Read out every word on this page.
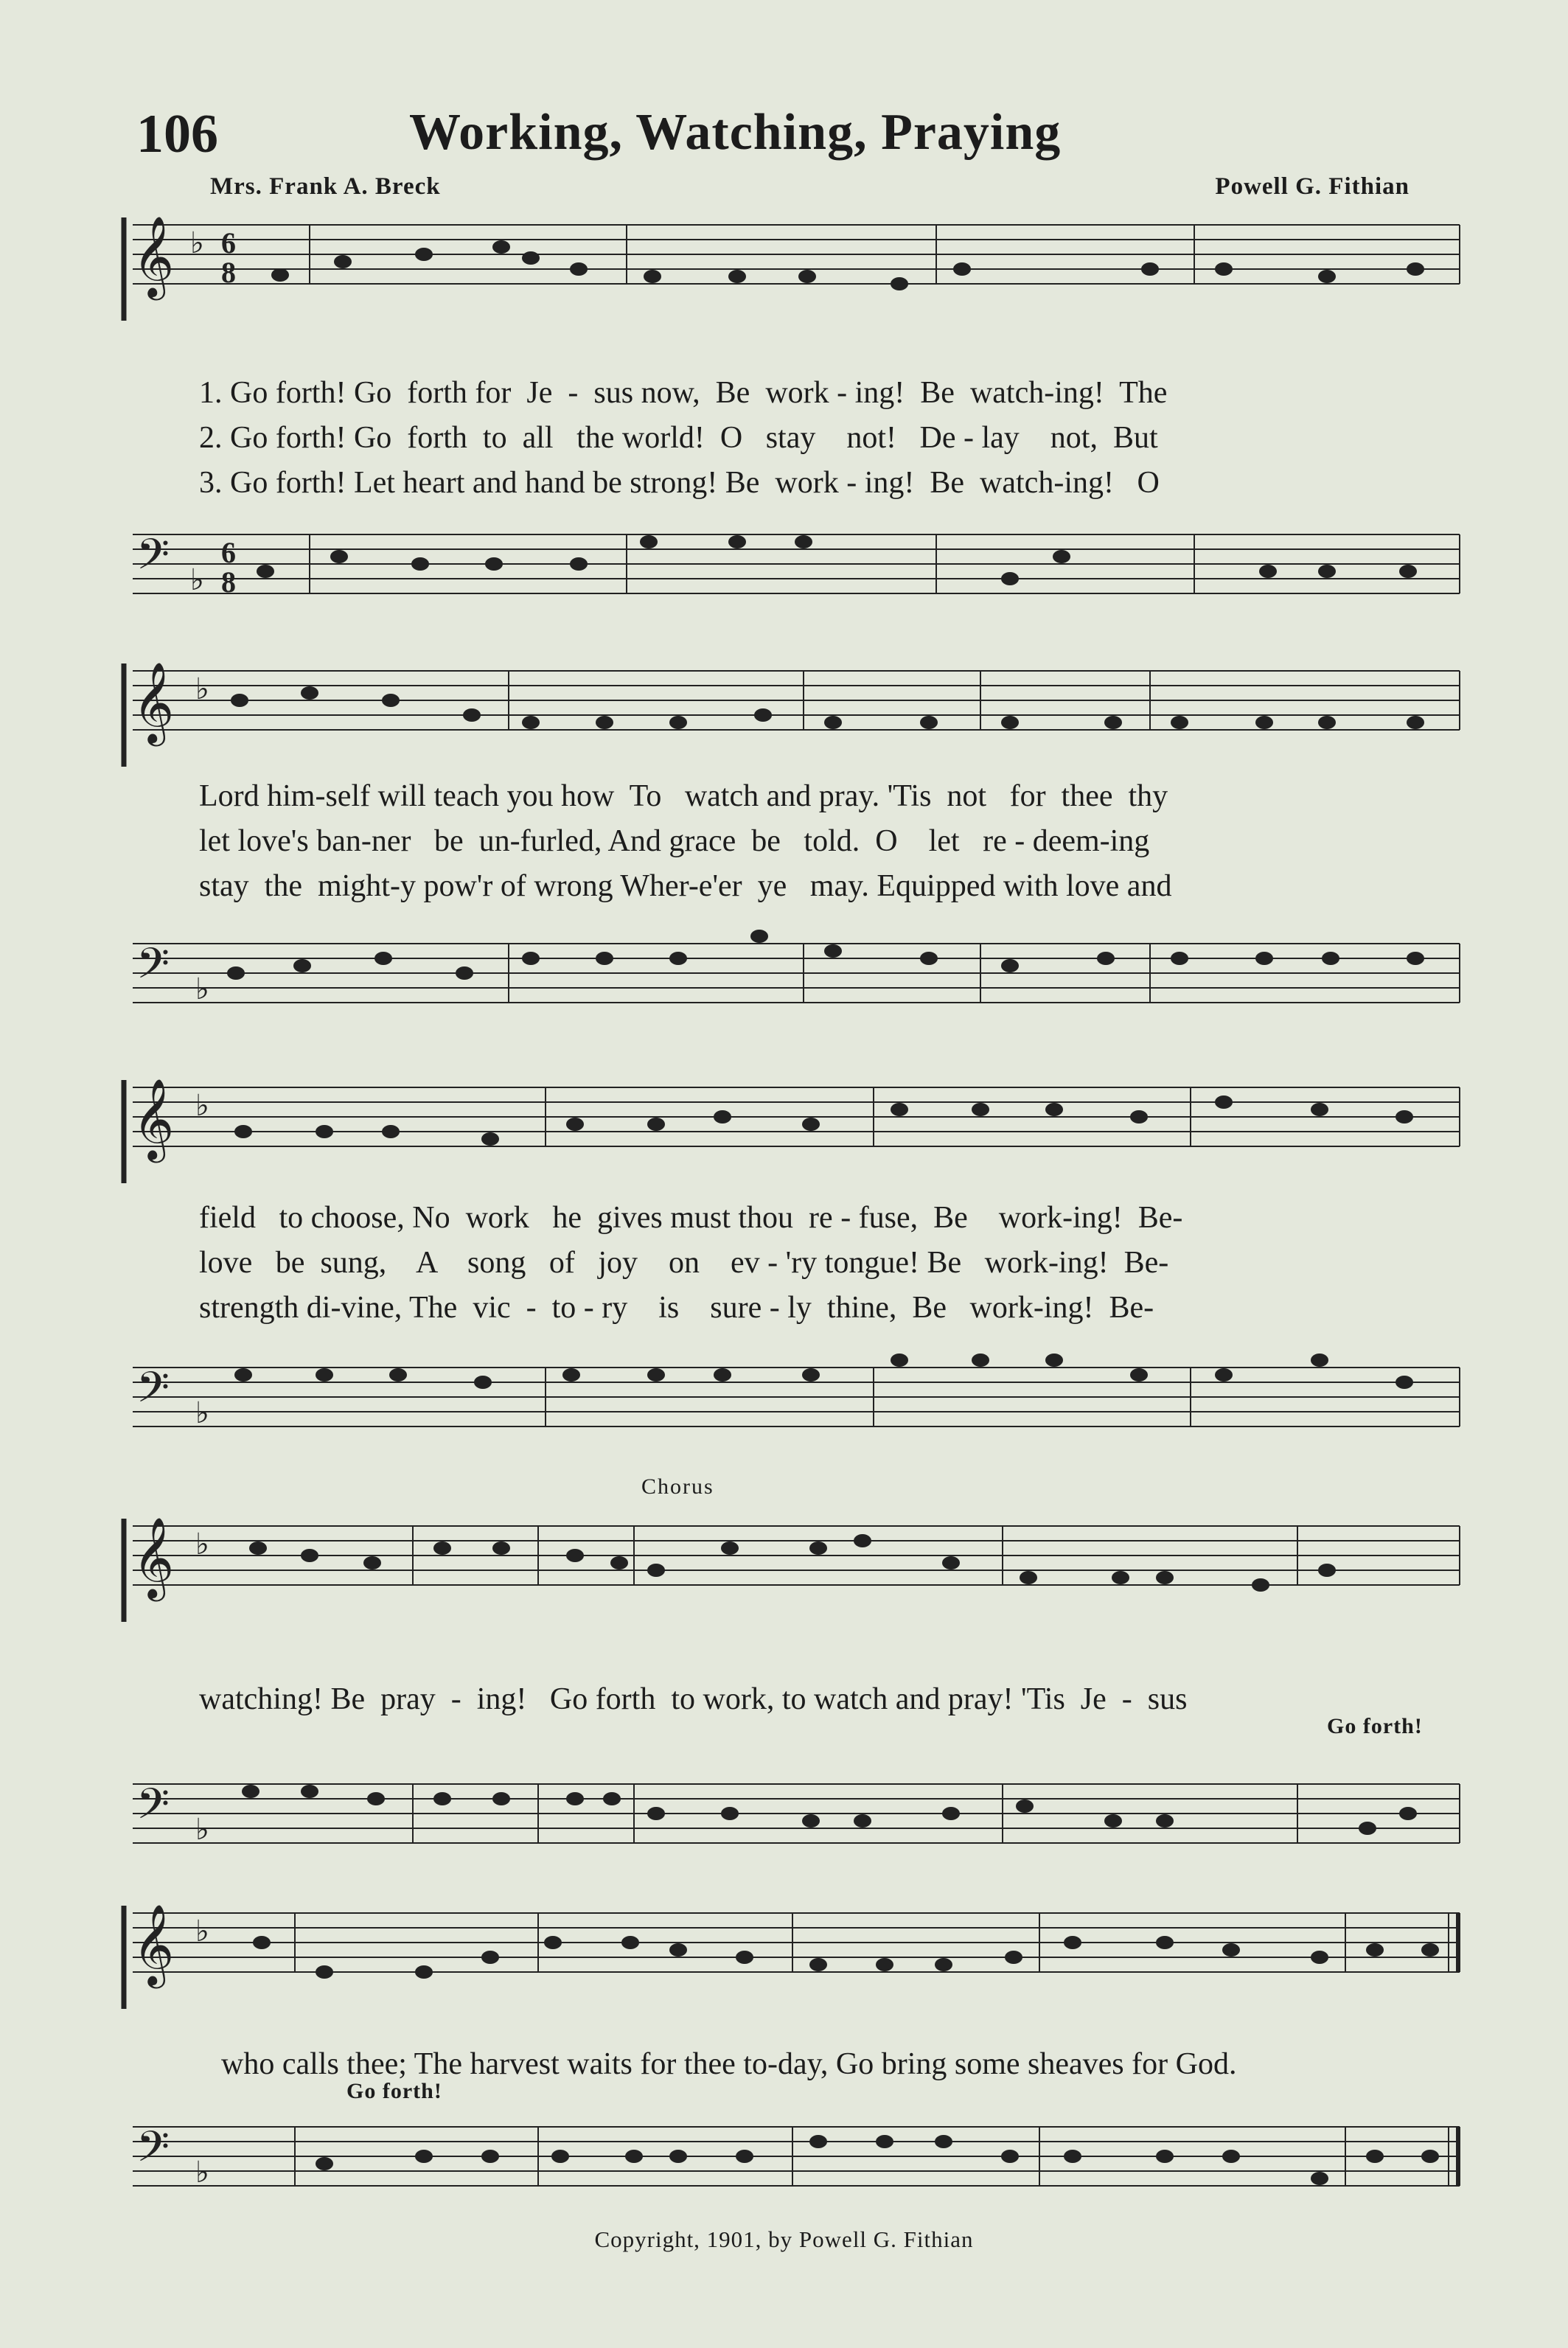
106	Working, Watching, Praying
Mrs. Frank A. Breck	Powell G. Fithian
𝄞 ♭ 6
8
𝄢 ♭
6
8
𝄞 ♭
𝄢 ♭
𝄞 ♭
𝄢 ♭
𝄞 ♭
𝄢 ♭
𝄞 ♭
𝄢 ♭
1. Go forth! Go  forth for  Je  -  sus now,  Be  work - ing!  Be  watch-ing!  The
2. Go forth! Go  forth  to  all   the world!  O   stay    not!   De - lay    not,  But
3. Go forth! Let heart and hand be strong! Be  work - ing!  Be  watch-ing!   O
Lord him-self will teach you how  To   watch and pray. 'Tis  not   for  thee  thy
let love's ban-ner   be  un-furled, And grace  be   told.  O    let   re - deem-ing
stay  the  might-y pow'r of wrong Wher-e'er  ye   may. Equipped with love and
field   to choose, No  work   he  gives must thou  re - fuse,  Be    work-ing!  Be-
love   be  sung,    A    song   of   joy    on    ev - 'ry tongue! Be   work-ing!  Be-
strength di-vine, The  vic  -  to - ry    is    sure - ly  thine,  Be   work-ing!  Be-
Chorus
watching! Be  pray  -  ing!   Go forth  to work, to watch and pray! 'Tis  Je  -  sus
Go forth!
who calls thee; The harvest waits for thee to-day, Go bring some sheaves for God.
Go forth!
Copyright, 1901, by Powell G. Fithian
